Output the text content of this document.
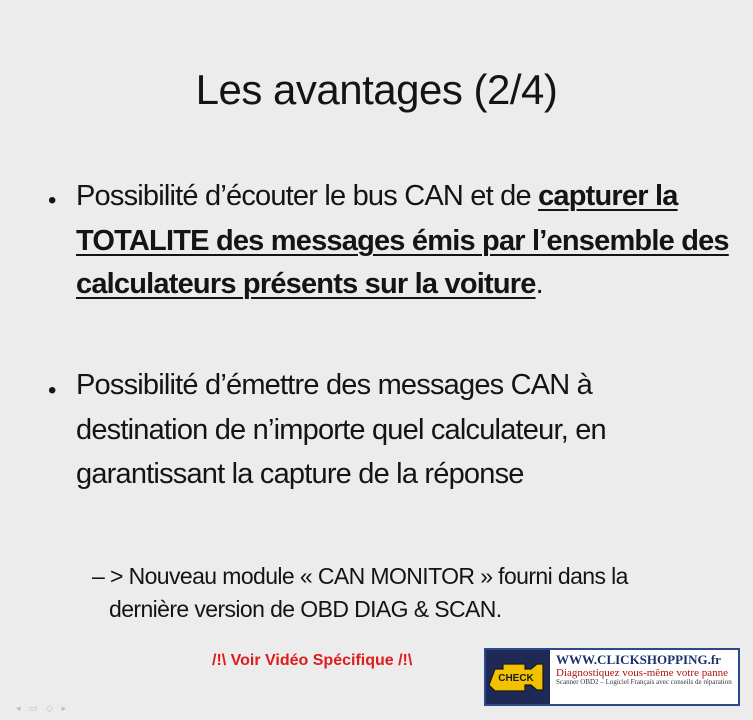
Les avantages (2/4)
• Possibilité d’écouter le bus CAN et de capturer la
TOTALITE des messages émis par l’ensemble des
calculateurs présents sur la voiture.
• Possibilité d’émettre des messages CAN à
destination de n’importe quel calculateur, en
garantissant la capture de la réponse
– > Nouveau module « CAN MONITOR » fourni dans la
dernière version de OBD DIAG & SCAN.
/!\ Voir Vidéo Spécifique /!\
CHECK
WWW.CLICKSHOPPING.fr
Diagnostiquez vous-même votre panne
Scanner OBD2 – Logiciel Français avec conseils de réparation
◂ ▭ ◇ ▸
